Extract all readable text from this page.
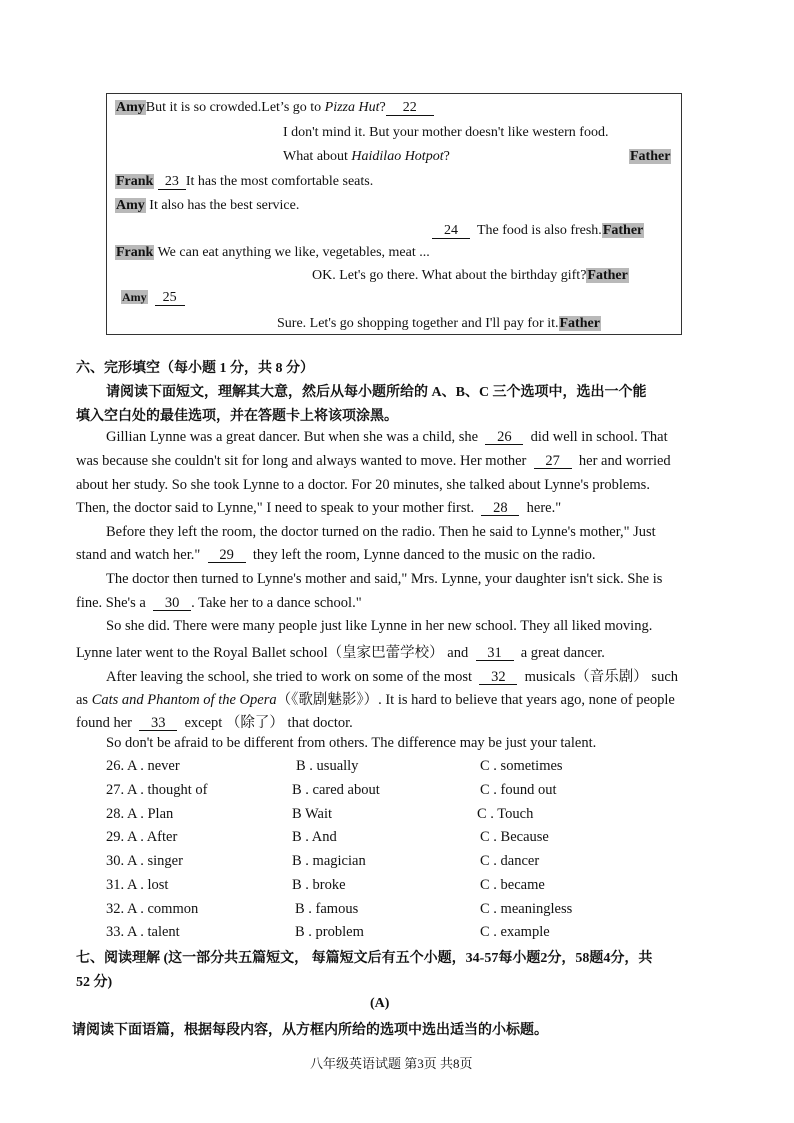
AmyBut it is so crowded.Let’s go to Pizza Hut? 22
I don't mind it. But your mother doesn't like western food.
What about Haidilao Hotpot?	Father
Frank 23 It has the most comfortable seats.
Amy It also has the best service.
24 The food is also fresh.Father
Frank We can eat anything we like, vegetables, meat ...
OK. Let's go there. What about the birthday gift?Father
Amy 25
Sure. Let's go shopping together and I'll pay for it.Father
六、完形填空（每小题 1 分，共 8 分）
请阅读下面短文，理解其大意，然后从每小题所给的 A、B、C 三个选项中，选出一个能
填入空白处的最佳选项，并在答题卡上将该项涂黑。
Gillian Lynne was a great dancer. But when she was a child, she 26 did well in school. That
was because she couldn't sit for long and always wanted to move. Her mother 27 her and worried
about her study. So she took Lynne to a doctor. For 20 minutes, she talked about Lynne's problems.
Then, the doctor said to Lynne," I need to speak to your mother first. 28 here."
Before they left the room, the doctor turned on the radio. Then he said to Lynne's mother," Just
stand and watch her." 29 they left the room, Lynne danced to the music on the radio.
The doctor then turned to Lynne's mother and said," Mrs. Lynne, your daughter isn't sick. She is
fine. She's a 30 . Take her to a dance school."
So she did. There were many people just like Lynne in her new school. They all liked moving.
Lynne later went to the Royal Ballet school（皇家巴蕾学校） and 31 a great dancer.
After leaving the school, she tried to work on some of the most 32 musicals（音乐剧） such
as Cats and Phantom of the Opera（《歌剧魅影》）. It is hard to believe that years ago, none of people
found her 33 except （除了） that doctor.
So don't be afraid to be different from others. The difference may be just your talent.
26. A . never	B . usually	C . sometimes
27. A . thought of	B . cared about	C . found out
28. A . Plan	B Wait	C . Touch
29. A . After	B . And	C . Because
30. A . singer	B . magician	C . dancer
31. A . lost	B . broke	C . became
32. A . common	B . famous	C . meaningless
33. A . talent	B . problem	C . example
七、阅读理解 (这一部分共五篇短文， 每篇短文后有五个小题，34-57每小题2分，58题4分，共
52 分)
(A)
请阅读下面语篇，根据每段内容，从方框内所给的选项中选出适当的小标题。
八年级英语试题 第3页 共8页
